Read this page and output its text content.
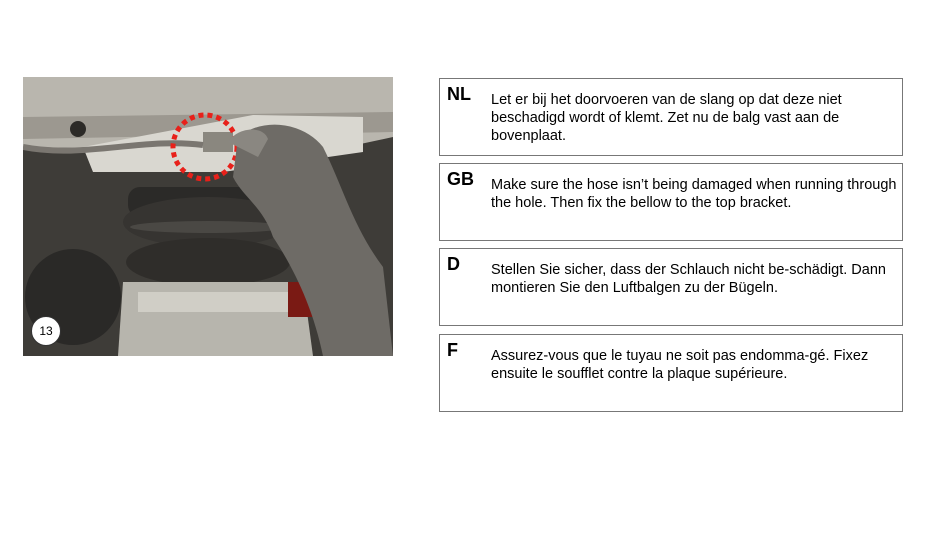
13
NL Let er bij het doorvoeren van de slang op dat deze niet beschadigd wordt of klemt. Zet nu de balg vast aan de bovenplaat.
GB Make sure the hose isn’t being damaged when running through the hole. Then fix the bellow to the top bracket.
D Stellen Sie sicher, dass der Schlauch nicht be-schädigt. Dann montieren Sie den Luftbalgen zu der Bügeln.
F Assurez-vous que le tuyau ne soit pas endomma-gé. Fixez ensuite le soufflet contre la plaque supérieure.
